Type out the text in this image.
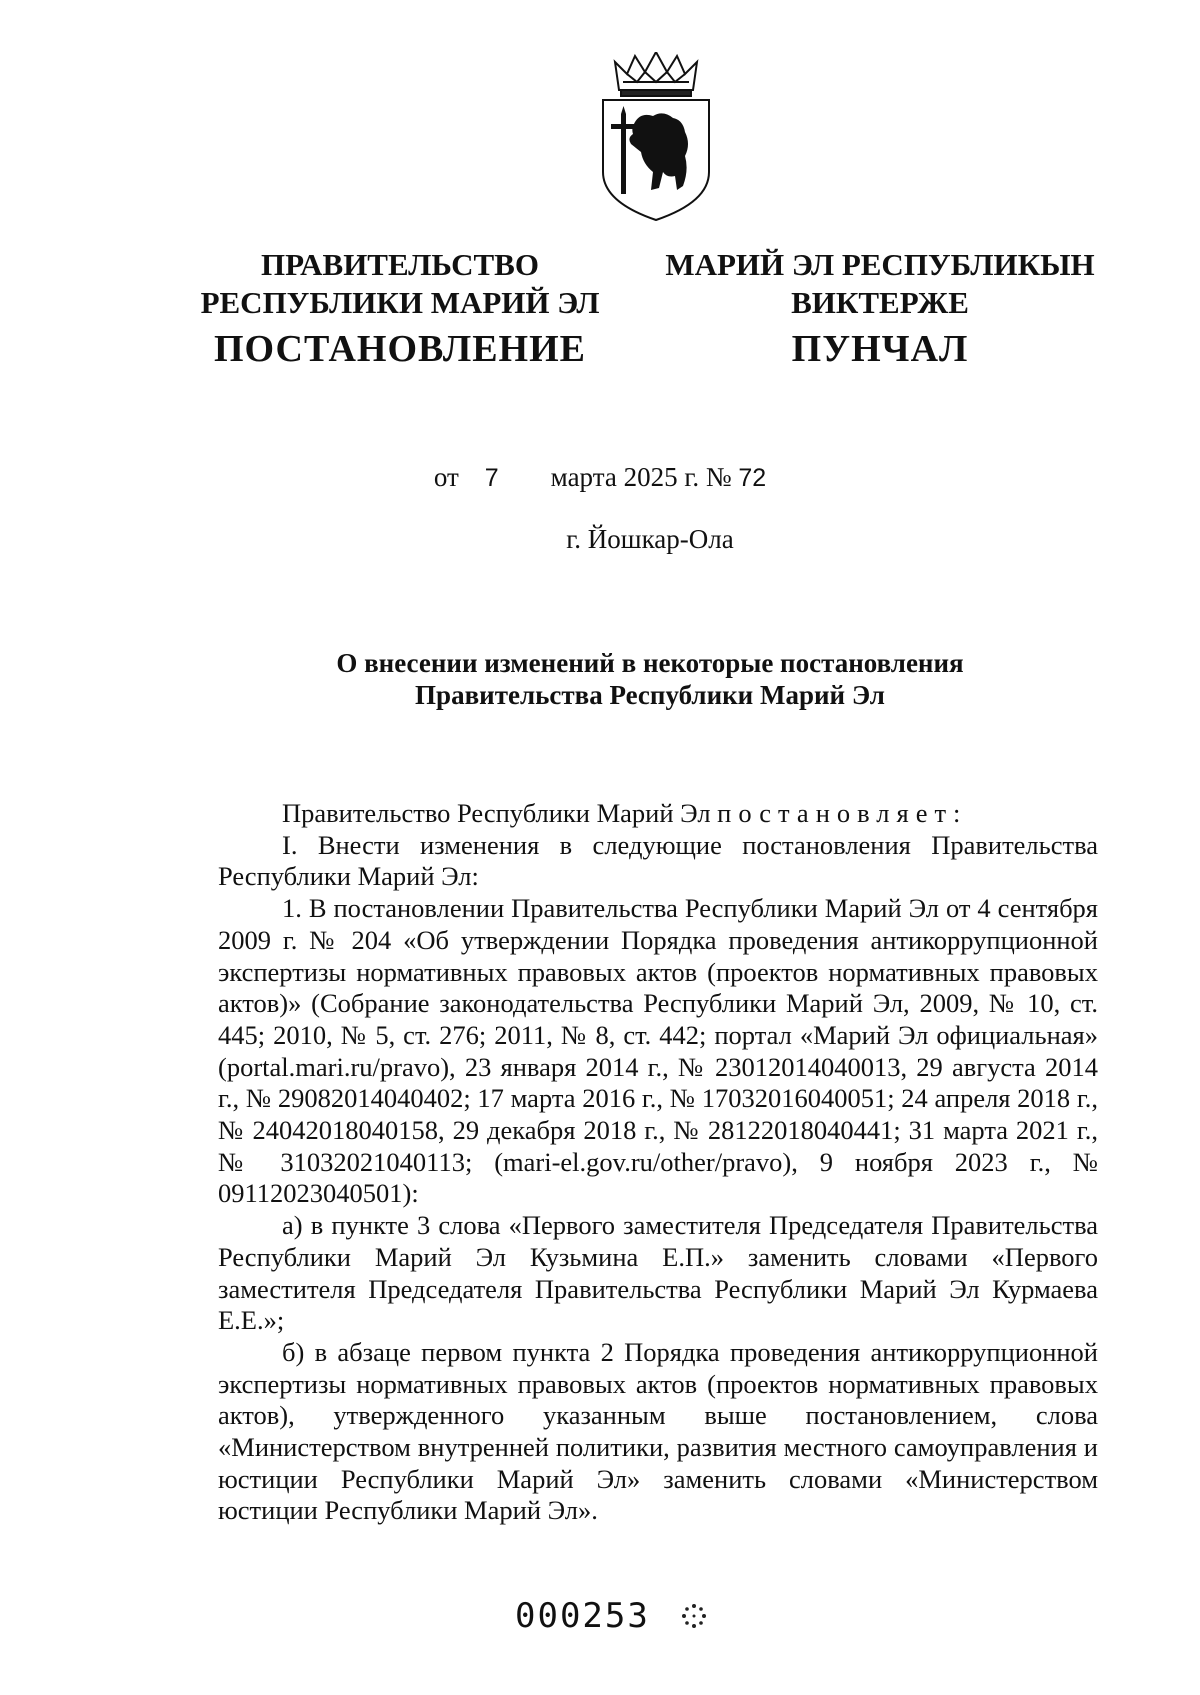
ПРАВИТЕЛЬСТВО
РЕСПУБЛИКИ МАРИЙ ЭЛ
ПОСТАНОВЛЕНИЕ
МАРИЙ ЭЛ РЕСПУБЛИКЫН
ВИКТЕРЖЕ
ПУНЧАЛ
от 7 марта 2025 г. № 72
г. Йошкар-Ола
О внесении изменений в некоторые постановления
Правительства Республики Марий Эл

Правительство Республики Марий Эл постановляет:

I. Внести изменения в следующие постановления Правительства Республики Марий Эл:

1. В постановлении Правительства Республики Марий Эл от 4 сентября 2009 г. № 204 «Об утверждении Порядка проведения антикоррупционной экспертизы нормативных правовых актов (проектов нормативных правовых актов)» (Собрание законодательства Республики Марий Эл, 2009, № 10, ст. 445; 2010, № 5, ст. 276; 2011, № 8, ст. 442; портал «Марий Эл официальная» (portal.mari.ru/pravo), 23 января 2014 г., № 23012014040013, 29 августа 2014 г., № 29082014040402; 17 марта 2016 г., № 17032016040051; 24 апреля 2018 г., № 24042018040158, 29 декабря 2018 г., № 28122018040441; 31 марта 2021 г., № 31032021040113; (mari-el.gov.ru/other/pravo), 9 ноября 2023 г., № 09112023040501):

а) в пункте 3 слова «Первого заместителя Председателя Правительства Республики Марий Эл Кузьмина Е.П.» заменить словами «Первого заместителя Председателя Правительства Республики Марий Эл Курмаева Е.Е.»;

б) в абзаце первом пункта 2 Порядка проведения антикоррупционной экспертизы нормативных правовых актов (проектов нормативных правовых актов), утвержденного указанным выше постановлением, слова «Министерством внутренней политики, развития местного самоуправления и юстиции Республики Марий Эл» заменить словами «Министерством юстиции Республики Марий Эл».

000253
